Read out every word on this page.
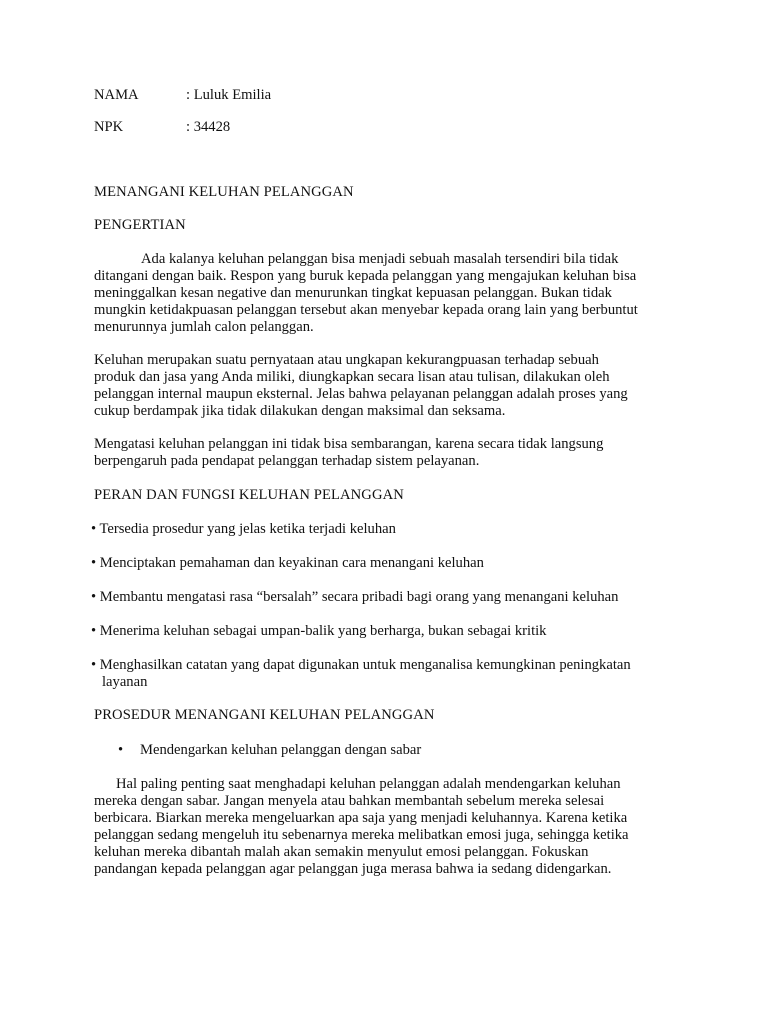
NAMA	: Luluk Emilia
NPK	: 34428
MENANGANI KELUHAN PELANGGAN
PENGERTIAN
Ada kalanya keluhan pelanggan bisa menjadi sebuah masalah tersendiri bila tidak
ditangani dengan baik. Respon yang buruk kepada pelanggan yang mengajukan keluhan bisa
meninggalkan kesan negative dan menurunkan tingkat kepuasan pelanggan. Bukan tidak
mungkin ketidakpuasan pelanggan tersebut akan menyebar kepada orang lain yang berbuntut
menurunnya jumlah calon pelanggan.
Keluhan merupakan suatu pernyataan atau ungkapan kekurangpuasan terhadap sebuah
produk dan jasa yang Anda miliki, diungkapkan secara lisan atau tulisan, dilakukan oleh
pelanggan internal maupun eksternal. Jelas bahwa pelayanan pelanggan adalah proses yang
cukup berdampak jika tidak dilakukan dengan maksimal dan seksama.
Mengatasi keluhan pelanggan ini tidak bisa sembarangan, karena secara tidak langsung
berpengaruh pada pendapat pelanggan terhadap sistem pelayanan.
PERAN DAN FUNGSI KELUHAN PELANGGAN
• Tersedia prosedur yang jelas ketika terjadi keluhan
• Menciptakan pemahaman dan keyakinan cara menangani keluhan
• Membantu mengatasi rasa “bersalah” secara pribadi bagi orang yang menangani keluhan
• Menerima keluhan sebagai umpan-balik yang berharga, bukan sebagai kritik
• Menghasilkan catatan yang dapat digunakan untuk menganalisa kemungkinan peningkatan
layanan
PROSEDUR MENANGANI KELUHAN PELANGGAN
• Mendengarkan keluhan pelanggan dengan sabar
Hal paling penting saat menghadapi keluhan pelanggan adalah mendengarkan keluhan
mereka dengan sabar. Jangan menyela atau bahkan membantah sebelum mereka selesai
berbicara. Biarkan mereka mengeluarkan apa saja yang menjadi keluhannya. Karena ketika
pelanggan sedang mengeluh itu sebenarnya mereka melibatkan emosi juga, sehingga ketika
keluhan mereka dibantah malah akan semakin menyulut emosi pelanggan. Fokuskan
pandangan kepada pelanggan agar pelanggan juga merasa bahwa ia sedang didengarkan.
